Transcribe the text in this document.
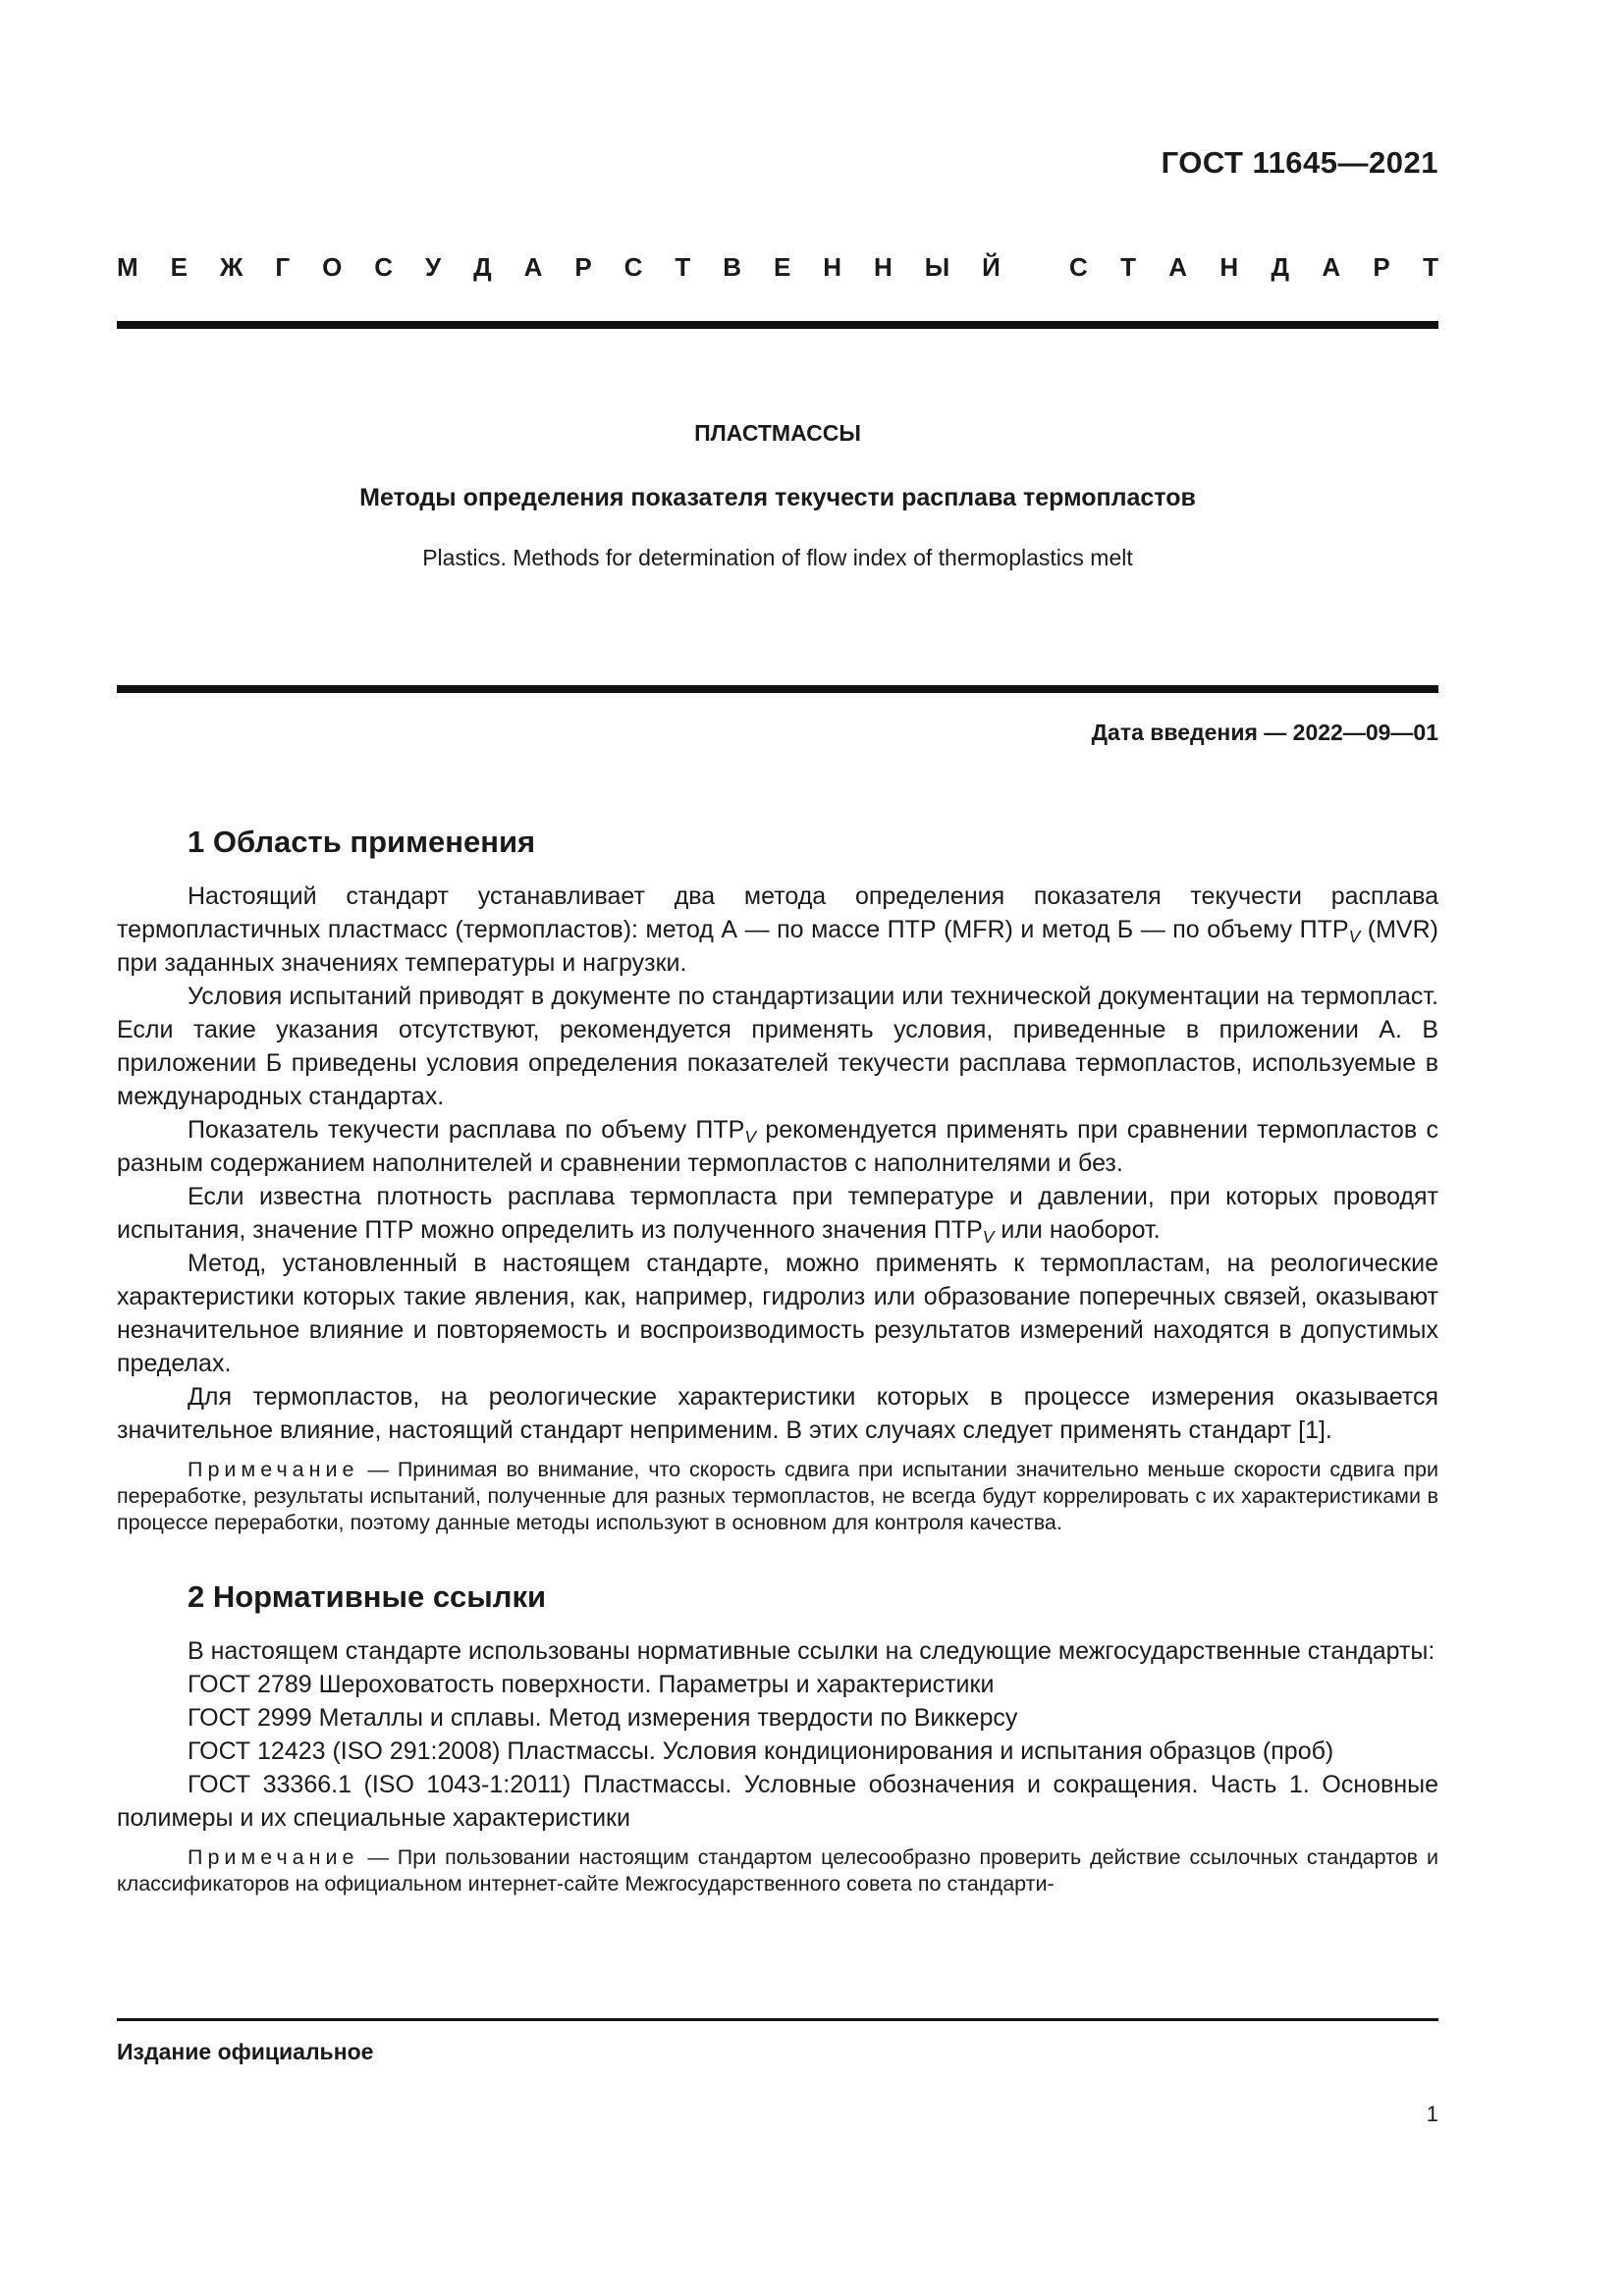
ГОСТ 11645—2021
М Е Ж Г О С У Д А Р С Т В Е Н Н Ы Й	С Т А Н Д А Р Т
ПЛАСТМАССЫ
Методы определения показателя текучести расплава термопластов
Plastics. Methods for determination of flow index of thermoplastics melt
Дата введения — 2022—09—01
1 Область применения

Настоящий стандарт устанавливает два метода определения показателя текучести расплава термопластичных пластмасс (термопластов): метод А — по массе ПТР (MFR) и метод Б — по объему $ПТР_V$ (MVR) при заданных значениях температуры и нагрузки.

Условия испытаний приводят в документе по стандартизации или технической документации на термопласт. Если такие указания отсутствуют, рекомендуется применять условия, приведенные в приложении А. В приложении Б приведены условия определения показателей текучести расплава термопластов, используемые в международных стандартах.

Показатель текучести расплава по объему $ПТР_V$ рекомендуется применять при сравнении термопластов с разным содержанием наполнителей и сравнении термопластов с наполнителями и без.

Если известна плотность расплава термопласта при температуре и давлении, при которых проводят испытания, значение ПТР можно определить из полученного значения $ПТР_V$ или наоборот.

Метод, установленный в настоящем стандарте, можно применять к термопластам, на реологические характеристики которых такие явления, как, например, гидролиз или образование поперечных связей, оказывают незначительное влияние и повторяемость и воспроизводимость результатов измерений находятся в допустимых пределах.

Для термопластов, на реологические характеристики которых в процессе измерения оказывается значительное влияние, настоящий стандарт неприменим. В этих случаях следует применять стандарт [1].

Примечание — Принимая во внимание, что скорость сдвига при испытании значительно меньше скорости сдвига при переработке, результаты испытаний, полученные для разных термопластов, не всегда будут коррелировать с их характеристиками в процессе переработки, поэтому данные методы используют в основном для контроля качества.

2 Нормативные ссылки

В настоящем стандарте использованы нормативные ссылки на следующие межгосударственные стандарты:

ГОСТ 2789 Шероховатость поверхности. Параметры и характеристики

ГОСТ 2999 Металлы и сплавы. Метод измерения твердости по Виккерсу

ГОСТ 12423 (ISO 291:2008) Пластмассы. Условия кондиционирования и испытания образцов (проб)

ГОСТ 33366.1 (ISO 1043-1:2011) Пластмассы. Условные обозначения и сокращения. Часть 1. Основные полимеры и их специальные характеристики

Примечание — При пользовании настоящим стандартом целесообразно проверить действие ссылочных стандартов и классификаторов на официальном интернет-сайте Межгосударственного совета по стандарти-

Издание официальное
1
